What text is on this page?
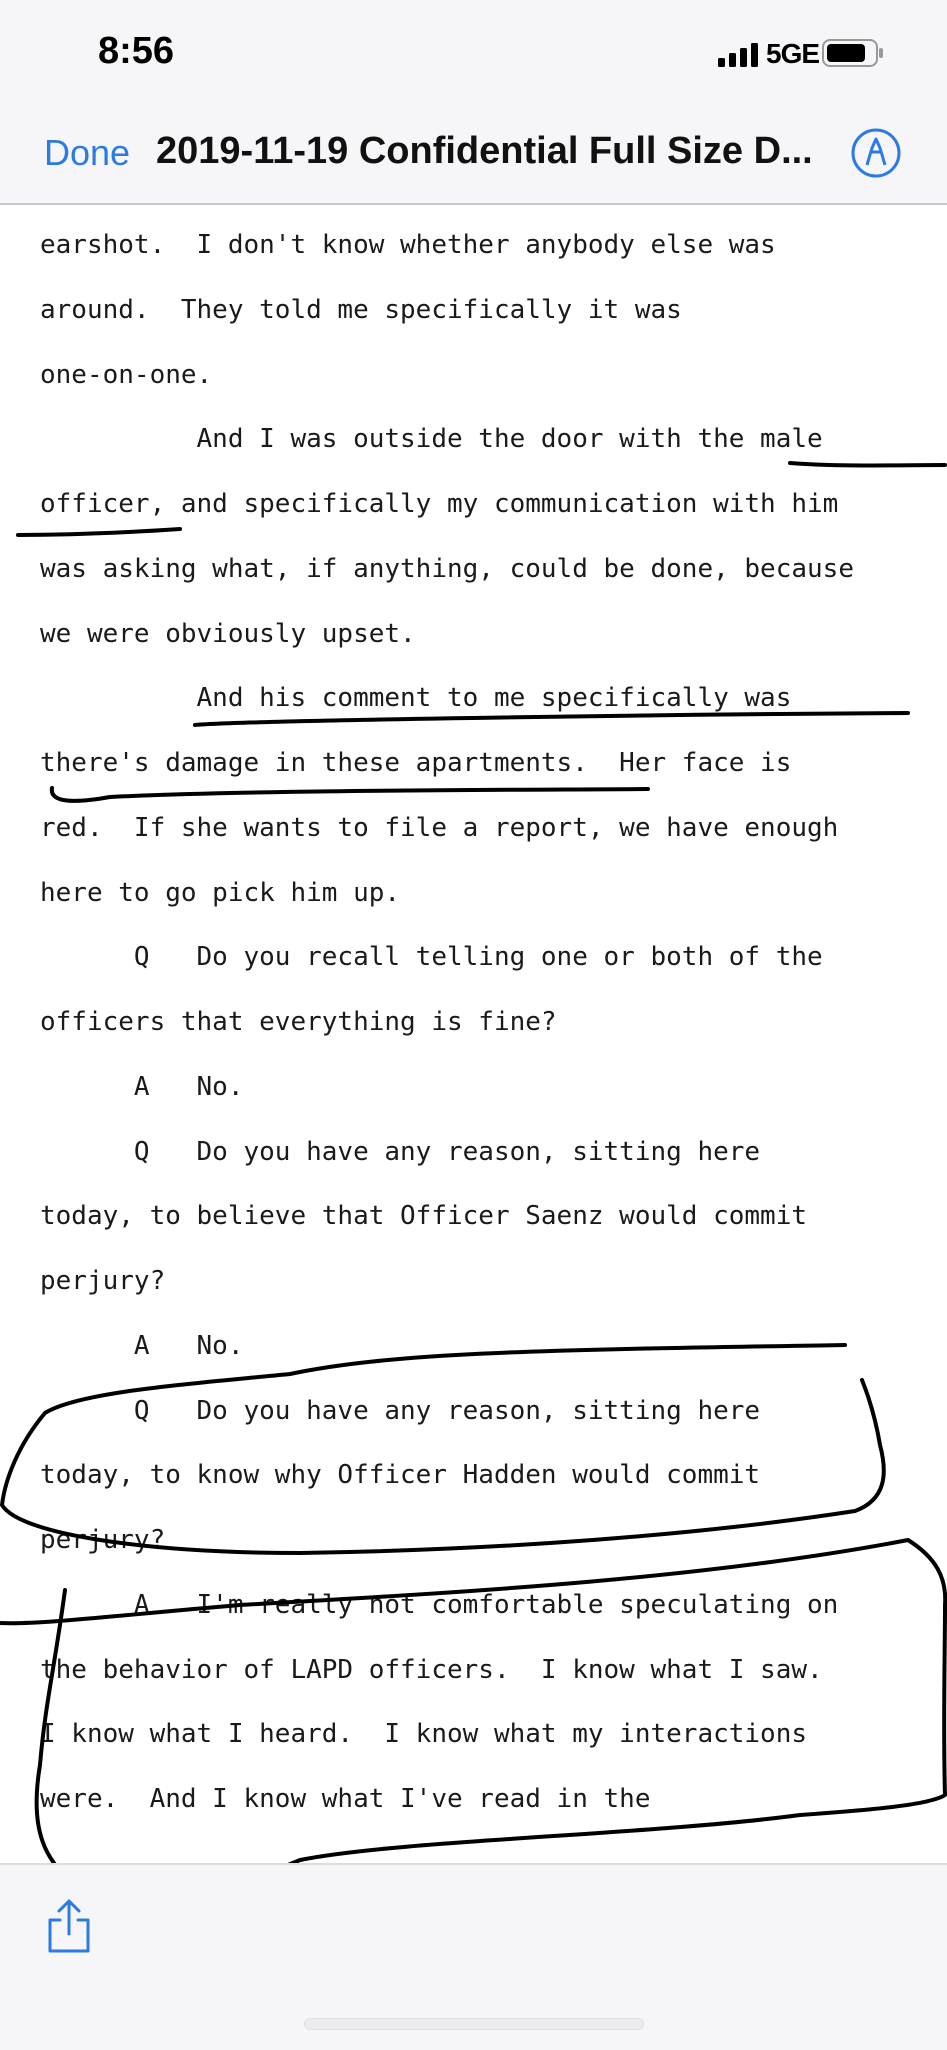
8:56	5GE
Done 2019-11-19 Confidential Full Size D...
earshot.  I don't know whether anybody else was
around.  They told me specifically it was
one-on-one.
And I was outside the door with the male
officer, and specifically my communication with him
was asking what, if anything, could be done, because
we were obviously upset.
And his comment to me specifically was
there's damage in these apartments.  Her face is
red.  If she wants to file a report, we have enough
here to go pick him up.
Q   Do you recall telling one or both of the
officers that everything is fine?
A   No.
Q   Do you have any reason, sitting here
today, to believe that Officer Saenz would commit
perjury?
A   No.
Q   Do you have any reason, sitting here
today, to know why Officer Hadden would commit
perjury?
A   I'm really not comfortable speculating on
the behavior of LAPD officers.  I know what I saw.
I know what I heard.  I know what my interactions
were.  And I know what I've read in the
